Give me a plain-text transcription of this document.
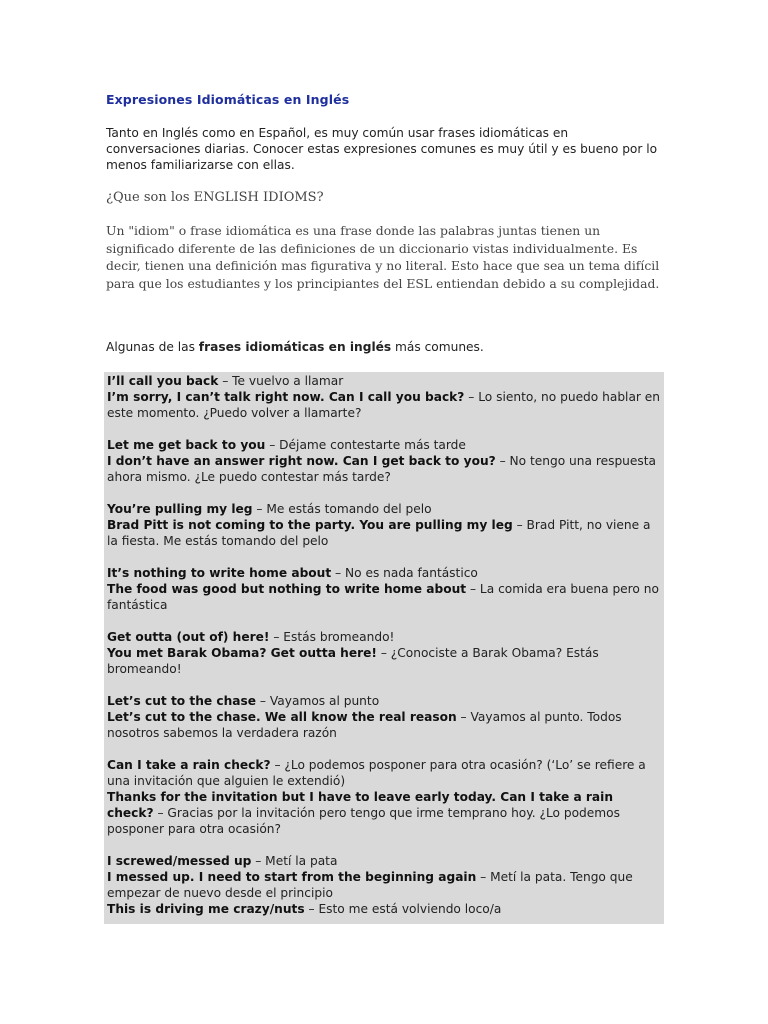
Expresiones Idiomáticas en Inglés
Tanto en Inglés como en Español, es muy común usar frases idiomáticas en conversaciones diarias. Conocer estas expresiones comunes es muy útil y es bueno por lo menos familiarizarse con ellas.
¿Que son los ENGLISH IDIOMS?
Un "idiom" o frase idiomática es una frase donde las palabras juntas tienen un significado diferente de las definiciones de un diccionario vistas individualmente. Es decir, tienen una definición mas figurativa y no literal. Esto hace que sea un tema difícil para que los estudiantes y los principiantes del ESL entiendan debido a su complejidad.
Algunas de las frases idiomáticas en inglés más comunes.

I’ll call you back – Te vuelvo a llamar

I’m sorry, I can’t talk right now. Can I call you back? – Lo siento, no puedo hablar en este momento. ¿Puedo volver a llamarte?

Let me get back to you – Déjame contestarte más tarde

I don’t have an answer right now. Can I get back to you? – No tengo una respuesta ahora mismo. ¿Le puedo contestar más tarde?

You’re pulling my leg – Me estás tomando del pelo

Brad Pitt is not coming to the party. You are pulling my leg – Brad Pitt, no viene a la fiesta. Me estás tomando del pelo

It’s nothing to write home about – No es nada fantástico

The food was good but nothing to write home about – La comida era buena pero no fantástica

Get outta (out of) here! – Estás bromeando!

You met Barak Obama? Get outta here! – ¿Conociste a Barak Obama? Estás bromeando!

Let’s cut to the chase – Vayamos al punto

Let’s cut to the chase. We all know the real reason – Vayamos al punto. Todos nosotros sabemos la verdadera razón

Can I take a rain check? – ¿Lo podemos posponer para otra ocasión? (‘Lo’ se refiere a una invitación que alguien le extendió)

Thanks for the invitation but I have to leave early today. Can I take a rain check? – Gracias por la invitación pero tengo que irme temprano hoy. ¿Lo podemos posponer para otra ocasión?

I screwed/messed up – Metí la pata

I messed up. I need to start from the beginning again – Metí la pata. Tengo que empezar de nuevo desde el principio

This is driving me crazy/nuts – Esto me está volviendo loco/a
